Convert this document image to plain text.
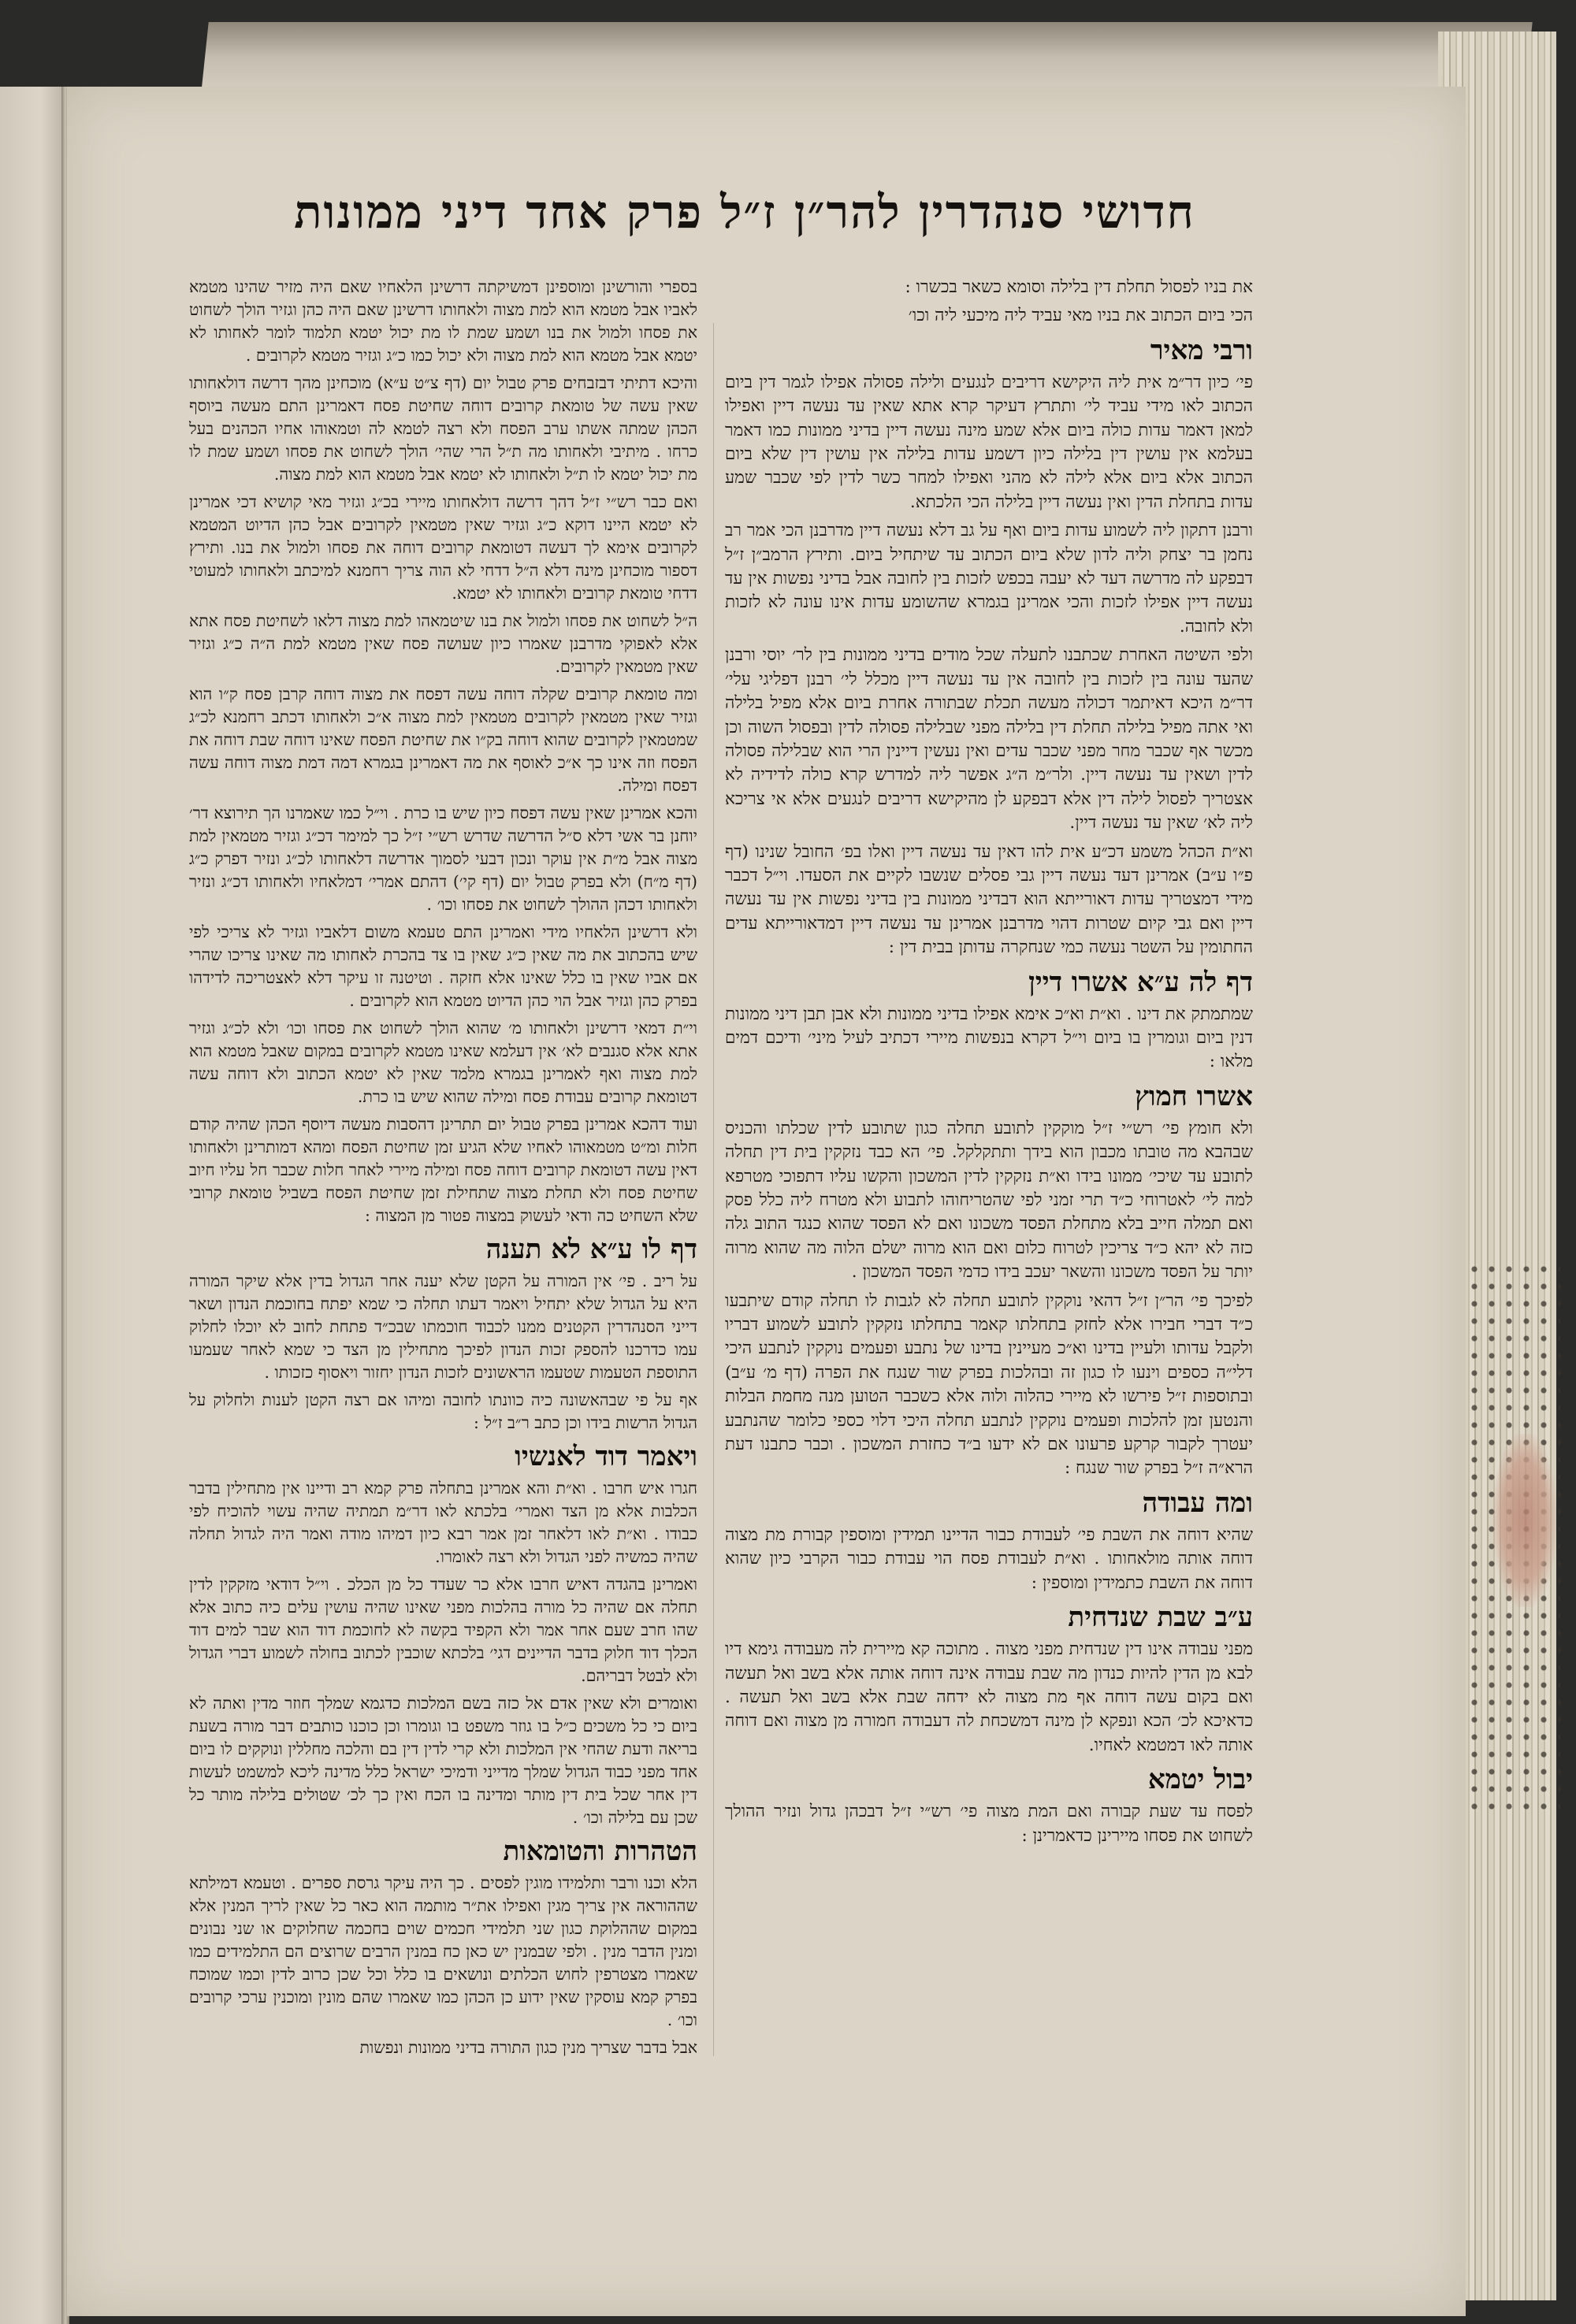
חדושי סנהדרין להר״ן ז״ל פרק אחד דיני ממונות

את בניו לפסול תחלת דין בלילה וסומא כשאר בכשרו :

הכי ביום הכתוב את בניו מאי עביד ליה מיכעי ליה וכו׳

ורבי מאיר

פי׳ כיון דר״מ אית ליה היקישא דריבים לנגעים ולילה פסולה אפילו לגמר דין ביום הכתוב לאו מידי עביד לי׳ ותתרץ דעיקר קרא אתא שאין עד נעשה דיין ואפילו למאן דאמר עדות כולה ביום אלא שמע מינה נעשה דיין בדיני ממונות כמו דאמר בעלמא אין עושין דין בלילה כיון דשמע עדות בלילה אין עושין דין שלא ביום הכתוב אלא ביום אלא לילה לא מהני ואפילו למחר כשר לדין לפי שכבר שמע עדות בתחלת הדין ואין נעשה דיין בלילה הכי הלכתא.

ורבנן דתקון ליה לשמוע עדות ביום ואף על גב דלא נעשה דיין מדרבנן הכי אמר רב נחמן בר יצחק וליה לדון שלא ביום הכתוב עד שיתחיל ביום. ותירץ הרמב״ן ז״ל דבפקע לה מדרשה דעד לא יעבה בכפש לזכות בין לחובה אבל בדיני נפשות אין עד נעשה דיין אפילו לזכות והכי אמרינן בגמרא שהשומע עדות אינו עונה לא לזכות ולא לחובה.

ולפי השיטה האחרת שכתבנו לתעלה שכל מודים בדיני ממונות בין לר׳ יוסי ורבנן שהעד עונה בין לזכות בין לחובה אין עד נעשה דיין מכלל לי׳ רבנן דפליגי עלי׳ דר״מ היכא דאיתמר דכולה מעשה תכלת שבתורה אחרת ביום אלא מפיל בלילה ואי אתה מפיל בלילה תחלת דין בלילה מפני שבלילה פסולה לדין ובפסול השוה וכן מכשר אף שכבר מחר מפני שכבר עדים ואין נעשין דיינין הרי הוא שבלילה פסולה לדין ושאין עד נעשה דיין. ולר״מ ה״ג אפשר ליה למדרש קרא כולה לדידיה לא אצטריך לפסול לילה דין אלא דבפקע לן מהיקישא דריבים לנגעים אלא אי צריכא ליה לא׳ שאין עד נעשה דיין.

וא״ת הכהל משמע דכ״ע אית להו דאין עד נעשה דיין ואלו בפ׳ החובל שנינו (דף פ״ו ע״ב) אמרינן דעד נעשה דיין גבי פסלים שנשבו לקיים את הסעדו. וי״ל דכבר מידי דמצטריך עדות דאורייתא הוא דבדיני ממונות בין בדיני נפשות אין עד נעשה דיין ואם גבי קיום שטרות דהוי מדרבנן אמרינן עד נעשה דיין דמדאורייתא עדים החתומין על השטר נעשה כמי שנחקרה עדותן בבית דין :

דף לה ע״א אשרו דיין

שמתמתק את דינו . וא״ת וא״כ אימא אפילו בדיני ממונות ולא אבן תבן דיני ממונות דנין ביום וגומרין בו ביום וי״ל דקרא בנפשות מיירי דכתיב לעיל מיני׳ ודיכם דמים מלאו :

אשרו חמוץ

ולא חומץ פי׳ רש״י ז״ל מוקקין לתובע תחלה כגון שתובע לדין שכלתו והכניס שבהבא מה טובתו מכבון הוא בידך ותתקלקל. פי׳ הא כבד נזקקין בית דין תחלה לתובע עד שיכי׳ ממונו בידו וא״ת נזקקין לדין המשכון והקשו עליו דתפוכי מטרפא למה לי׳ לאטרוחי כ״ד תרי זמני לפי שהטריחוהו לתבוע ולא מטרח ליה כלל פסק ואם תמלה חייב בלא מתחלת הפסד משכונו ואם לא הפסד שהוא כנגד התוב גלה כזה לא יהא כ״ד צריכין לטרוח כלום ואם הוא מרוה ישלם הלוה מה שהוא מרוה יותר על הפסד משכונו והשאר יעכב בידו כדמי הפסד המשכון .

לפיכך פי׳ הר״ן ז״ל דהאי נוקקין לתובע תחלה לא לגבות לו תחלה קודם שיתבעו כ״ד דברי חבירו אלא לחזק בתחלתו קאמר בתחלתו נזקקין לתובע לשמוע דבריו ולקבל עדותו ולעיין בדינו וא״כ מעיינין בדינו של נתבע ופעמים נוקקין לנתבע היכי דלי״ה כספים וינעו לו כגון זה ובהלכות בפרק שור שנגח את הפרה (דף מ׳ ע״ב) ובתוספות ז״ל פירשו לא מיירי כהלוה ולוה אלא כשכבר הטוען מנה מחמת הבלות והנטען זמן להלכות ופעמים נוקקין לנתבע תחלה היכי דלוי כספי כלומר שהנתבע יעטרך לקבור קרקע פרעונו אם לא ידעו ב״ד כחזרת המשכון . וכבר כתבנו דעת הרא״ה ז״ל בפרק שור שנגח :

ומה עבודה

שהיא דוחה את השבת פי׳ לעבודת כבור הדיינו תמידין ומוספין קבורת מת מצוה דוחה אותה מולאחותו . וא״ת לעבודת פסח הוי עבודת כבור הקרבי כיון שהוא דוחה את השבת כתמידין ומוספין :

ע״ב שבת שנדחית

מפני עבודה אינו דין שנדחית מפני מצוה . מתוכה קא מיירית לה מעבודה גימא דיו לבא מן הדין להיות כנדון מה שבת עבודה אינה דוחה אותה אלא בשב ואל תעשה ואם בקום עשה דוחה אף מת מצוה לא ידחה שבת אלא בשב ואל תעשה . כדאיכא לכ׳ הכא ונפקא לן מינה דמשכחת לה דעבודה חמורה מן מצוה ואם דוחה אותה לאו דמטמא לאחיו.

יבול יטמא

לפסח עד שעת קבורה ואם המת מצוה פי׳ רש״י ז״ל דבכהן גדול ונזיר ההולך לשחוט את פסחו מיירינן כדאמרינן :

בספרי והורשינן ומוספינן דמשיקתה דרשינן הלאחיו שאם היה מזיר שהינו מטמא לאביו אבל מטמא הוא למת מצוה ולאחותו דרשינן שאם היה כהן וגזיר הולך לשחוט את פסחו ולמול את בנו ושמע שמת לו מת יכול יטמא תלמוד לומר לאחותו לא יטמא אבל מטמא הוא למת מצוה ולא יכול כמו כ״ג וגזיר מטמא לקרובים .

והיכא דתיתי דבזבחים פרק טבול יום (דף צ״ט ע״א) מוכחינן מהך דרשה דולאחותו שאין עשה של טומאת קרובים דוחה שחיטת פסח דאמרינן התם מעשה ביוסף הכהן שמתה אשתו ערב הפסח ולא רצה לטמא לה וטמאוהו אחיו הכהנים בעל כרחו . מיתיבי ולאחותו מה ת״ל הרי שהי׳ הולך לשחוט את פסחו ושמע שמת לו מת יכול יטמא לו ת״ל ולאחותו לא יטמא אבל מטמא הוא למת מצוה.

ואם כבר רש״י ז״ל דהך דרשה דולאחותו מיירי בכ״ג וגזיר מאי קושיא דכי אמרינן לא יטמא היינו דוקא כ״ג וגזיר שאין מטמאין לקרובים אבל כהן הדיוט המטמא לקרובים אימא לך דעשה דטומאת קרובים דוחה את פסחו ולמול את בנו. ותירץ דספור מוכחינן מינה דלא ה״ל דדחי לא הוה צריך רחמנא למיכתב ולאחותו למעוטי דדחי טומאת קרובים ולאחותו לא יטמא.

ה״ל לשחוט את פסחו ולמול את בנו שיטמאהו למת מצוה דלאו לשחיטת פסח אתא אלא לאפוקי מדרבנן שאמרו כיון שעושה פסח שאין מטמא למת ה״ה כ״ג וגזיר שאין מטמאין לקרובים.

ומה טומאת קרובים שקלה דוחה עשה דפסח את מצוה דוחה קרבן פסח ק״ו הוא וגזיר שאין מטמאין לקרובים מטמאין למת מצוה א״כ ולאחותו דכתב רחמנא לכ״ג שמטמאין לקרובים שהוא דוחה בק״ו את שחיטת הפסח שאינו דוחה שבת דוחה את הפסח וזה אינו כך א״כ לאוסף את מה דאמרינן בגמרא דמה דמת מצוה דוחה עשה דפסח ומילה.

והכא אמרינן שאין עשה דפסח כיון שיש בו כרת . וי״ל כמו שאמרנו הך תירוצא דר׳ יוחנן בר אשי דלא ס״ל הדרשה שדרש רש״י ז״ל כך למימר דכ״ג וגזיר מטמאין למת מצוה אבל מ״ת אין עוקר ונכון דבעי לסמוך אדרשה דלאחותו לכ״ג ונזיר דפרק כ״ג (דף מ״ח) ולא בפרק טבול יום (דף קי׳) דהתם אמרי׳ דמלאחיו ולאחותו דכ״ג ונזיר ולאחותו דכהן ההולך לשחוט את פסחו וכו׳ .

ולא דרשינן הלאחיו מידי ואמרינן התם טעמא משום דלאביו וגזיר לא צריכי לפי שיש בהכתוב את מה שאין כ״ג שאין בו צד בהכרת לאחותו מה שאינו צריכו שהרי אם אביו שאין בו כלל שאינו אלא חזקה . וטיטנה זו עיקר דלא לאצטריכה לדידהו בפרק כהן וגזיר אבל הוי כהן הדיוט מטמא הוא לקרובים .

וי״ת דמאי דרשינן ולאחותו מ׳ שהוא הולך לשחוט את פסחו וכו׳ ולא לכ״ג וגזיר אתא אלא סגנבים לא׳ אין דעלמא שאינו מטמא לקרובים במקום שאבל מטמא הוא למת מצוה ואף לאמרינן בגמרא מלמד שאין לא יטמא הכתוב ולא דוחה עשה דטומאת קרובים עבודת פסח ומילה שהוא שיש בו כרת.

ועוד דהכא אמרינן בפרק טבול יום תתרינן דהסבות מעשה דיוסף הכהן שהיה קודם חלות ומ״ט מטמאוהו לאחיו שלא הגיע זמן שחיטת הפסח ומהא דמותרינן ולאחותו דאין עשה דטומאת קרובים דוחה פסח ומילה מיירי לאחר חלות שכבר חל עליו חיוב שחיטת פסח ולא תחלת מצוה שתחילת זמן שחיטת הפסח בשביל טומאת קרובי שלא השחיט כה ודאי לעשוק במצוה פטור מן המצוה :

דף לו ע״א לא תענה

על ריב . פי׳ אין המורה על הקטן שלא יענה אחר הגדול בדין אלא שיקר המורה היא על הגדול שלא יתחיל ויאמר דעתו תחלה כי שמא יפתח בחוכמת הנדון ושאר דייני הסנהדרין הקטנים ממנו לכבוד חוכמתו שבכ״ד פתחת לחוב לא יוכלו לחלוק עמו כדרכנו להספק זכות הנדון לפיכך מתחילין מן הצד כי שמא לאחר שעמעו התוספת הטעמות שטעמו הראשונים לזכות הנדון יחזור ויאסוף כזכותו .

אף על פי שבהאשונה כיה כוונתו לחובה ומיהו אם רצה הקטן לענות ולחלוק על הגדול הרשות בידו וכן כתב ר״ב ז״ל :

ויאמר דוד לאנשיו

חגרו איש חרבו . וא״ת והא אמרינן בתחלה פרק קמא רב ודיינו אין מתחילין בדבר הכלבות אלא מן הצד ואמרי׳ בלכתא לאו דר״מ תמתיה שהיה עשוי להוכיח לפי כבודו . וא״ת לאו דלאחר זמן אמר רבא כיון דמיהו מודה ואמר היה לגדול תחלה שהיה כמשיה לפני הגדול ולא רצה לאומרו.

ואמרינן בהגדה דאיש חרבו אלא כר שעדד כל מן הכלכ . וי״ל דודאי מזקקין לדין תחלה אם שהיה כל מורה בהלכות מפני שאינו שהיה עושין עלים כיה כתוב אלא שהו חרב שעם אחר אמר ולא הקפיד בקשה לא לחוכמת דוד הוא שבר למים דוד הכלך דוד חלוק בדבר הדיינים דגי׳ בלכתא שוכבין לכתוב בחולה לשמוע דברי הגדול ולא לבטל דבריהם.

ואומרים ולא שאין אדם אל כזה בשם המלכות כדגמא שמלך חוזר מדין ואתה לא ביום כי כל משכים כ״ל בו גוזר משפט בו וגומרו וכן כוכנו כותבים דבר מורה בשעת בריאה ודעת שהחי אין המלכות ולא קרי לדין דין בם והלכה מחללין ונוקקים לו ביום אחד מפני כבוד הגדול שמלך מדייני ודמיכי ישראל כלל מדינה ליכא למשמט לעשות דין אחר שכל בית דין מותר ומדינה בו הכח ואין כך לכ׳ שטולים בלילה מותר כל שכן עם בלילה וכו׳ .

הטהרות והטומאות

הלא וכנו ורבר ותלמידו מוגין לפסים . כך היה עיקר גרסת ספרים . וטעמא דמילתא שההוראה אין צריך מגין ואפילו את״ר מותמה הוא כאר כל שאין לריך המנין אלא במקום שההלוקת כגון שני תלמידי חכמים שוים בחכמה שחלוקים או שני נבונים ומנין הדבר מנין . ולפי שבמנין יש כאן כח במנין הרבים שרוצים הם התלמידים כמו שאמרו מצטרפין לחוש הכלתים ונושאים בו כלל וכל שכן כרוב לדין וכמו שמוכח בפרק קמא עוסקין שאין ידוע כן הכהן כמו שאמרו שהם מונין ומוכנין ערכי קרובים וכו׳ .

אבל בדבר שצריך מנין כגון התורה בדיני ממונות ונפשות
